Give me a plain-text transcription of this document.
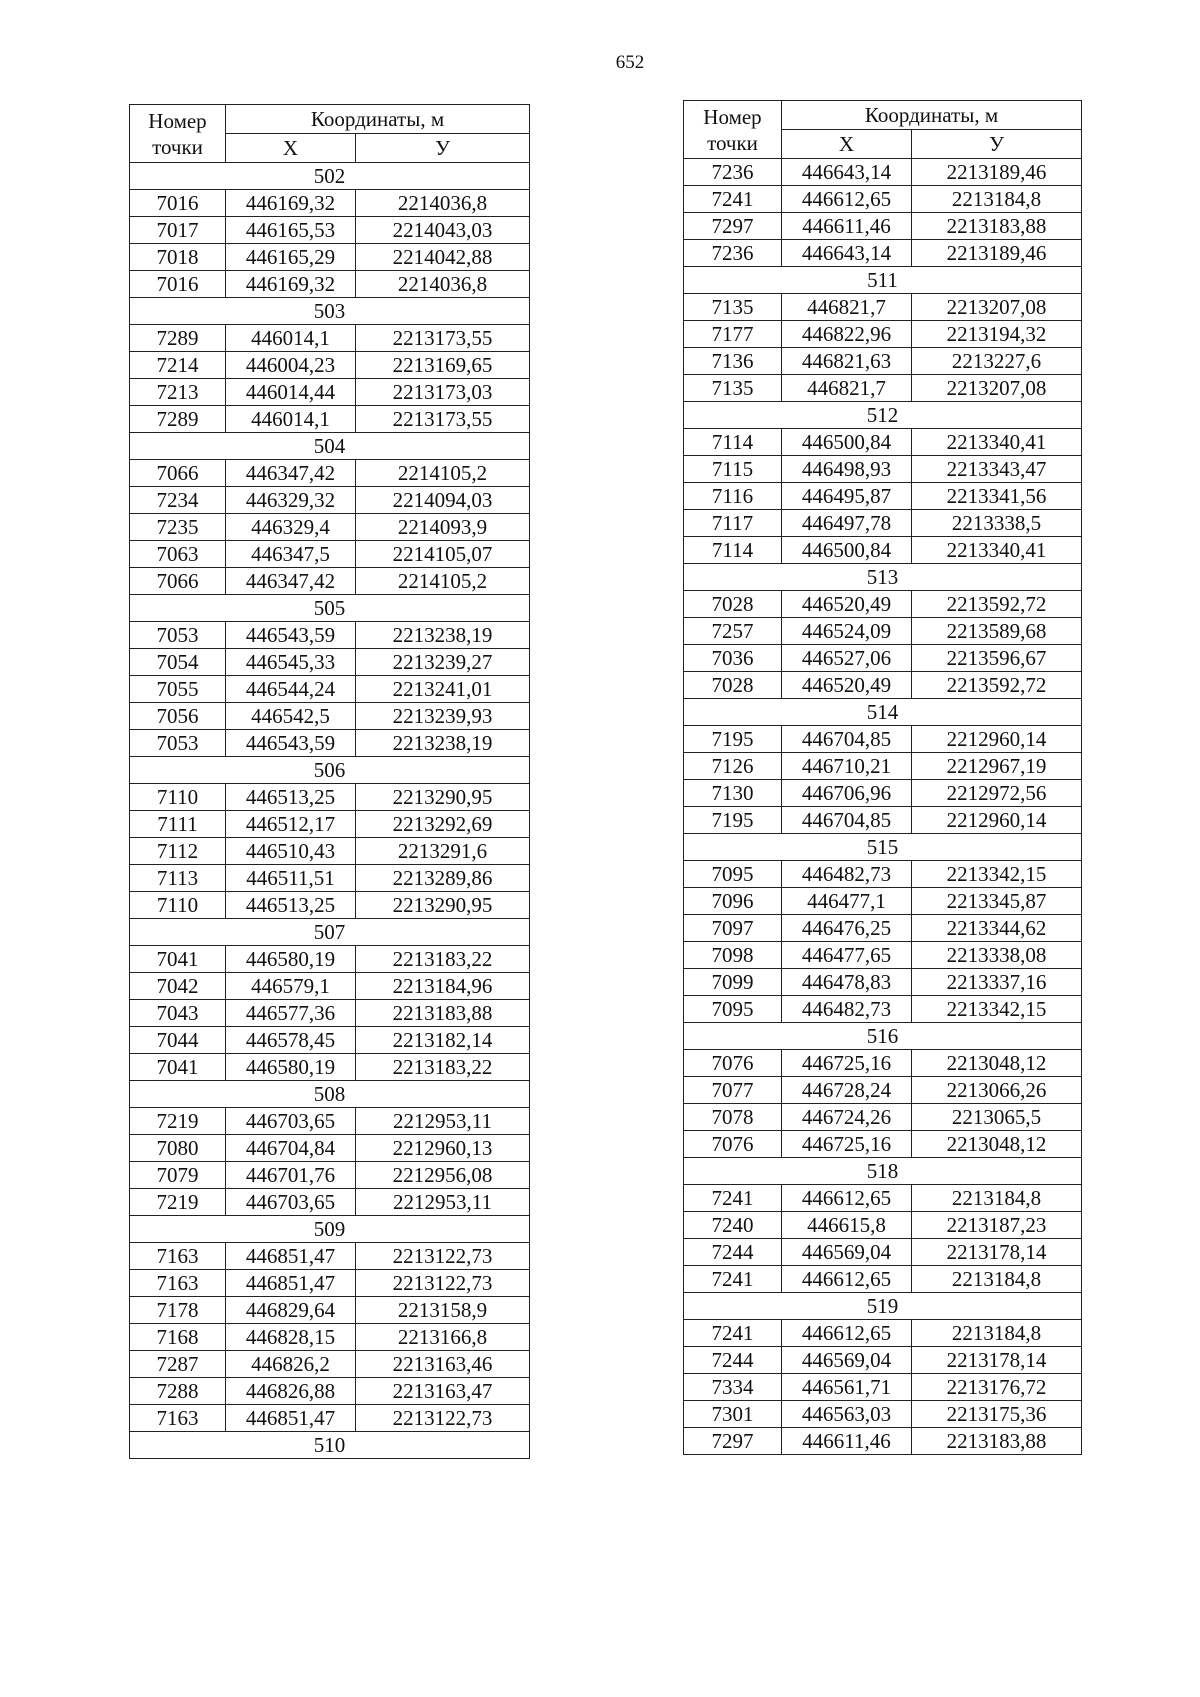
652
Номер
точки	Координаты, м	
	X	У
502		
7016	446169,32	2214036,8
7017	446165,53	2214043,03
7018	446165,29	2214042,88
7016	446169,32	2214036,8
503		
7289	446014,1	2213173,55
7214	446004,23	2213169,65
7213	446014,44	2213173,03
7289	446014,1	2213173,55
504		
7066	446347,42	2214105,2
7234	446329,32	2214094,03
7235	446329,4	2214093,9
7063	446347,5	2214105,07
7066	446347,42	2214105,2
505		
7053	446543,59	2213238,19
7054	446545,33	2213239,27
7055	446544,24	2213241,01
7056	446542,5	2213239,93
7053	446543,59	2213238,19
506		
7110	446513,25	2213290,95
7111	446512,17	2213292,69
7112	446510,43	2213291,6
7113	446511,51	2213289,86
7110	446513,25	2213290,95
507		
7041	446580,19	2213183,22
7042	446579,1	2213184,96
7043	446577,36	2213183,88
7044	446578,45	2213182,14
7041	446580,19	2213183,22
508		
7219	446703,65	2212953,11
7080	446704,84	2212960,13
7079	446701,76	2212956,08
7219	446703,65	2212953,11
509		
7163	446851,47	2213122,73
7163	446851,47	2213122,73
7178	446829,64	2213158,9
7168	446828,15	2213166,8
7287	446826,2	2213163,46
7288	446826,88	2213163,47
7163	446851,47	2213122,73
510		
Номер
точки	Координаты, м	
	X	У
7236	446643,14	2213189,46
7241	446612,65	2213184,8
7297	446611,46	2213183,88
7236	446643,14	2213189,46
511		
7135	446821,7	2213207,08
7177	446822,96	2213194,32
7136	446821,63	2213227,6
7135	446821,7	2213207,08
512		
7114	446500,84	2213340,41
7115	446498,93	2213343,47
7116	446495,87	2213341,56
7117	446497,78	2213338,5
7114	446500,84	2213340,41
513		
7028	446520,49	2213592,72
7257	446524,09	2213589,68
7036	446527,06	2213596,67
7028	446520,49	2213592,72
514		
7195	446704,85	2212960,14
7126	446710,21	2212967,19
7130	446706,96	2212972,56
7195	446704,85	2212960,14
515		
7095	446482,73	2213342,15
7096	446477,1	2213345,87
7097	446476,25	2213344,62
7098	446477,65	2213338,08
7099	446478,83	2213337,16
7095	446482,73	2213342,15
516		
7076	446725,16	2213048,12
7077	446728,24	2213066,26
7078	446724,26	2213065,5
7076	446725,16	2213048,12
518		
7241	446612,65	2213184,8
7240	446615,8	2213187,23
7244	446569,04	2213178,14
7241	446612,65	2213184,8
519		
7241	446612,65	2213184,8
7244	446569,04	2213178,14
7334	446561,71	2213176,72
7301	446563,03	2213175,36
7297	446611,46	2213183,88
